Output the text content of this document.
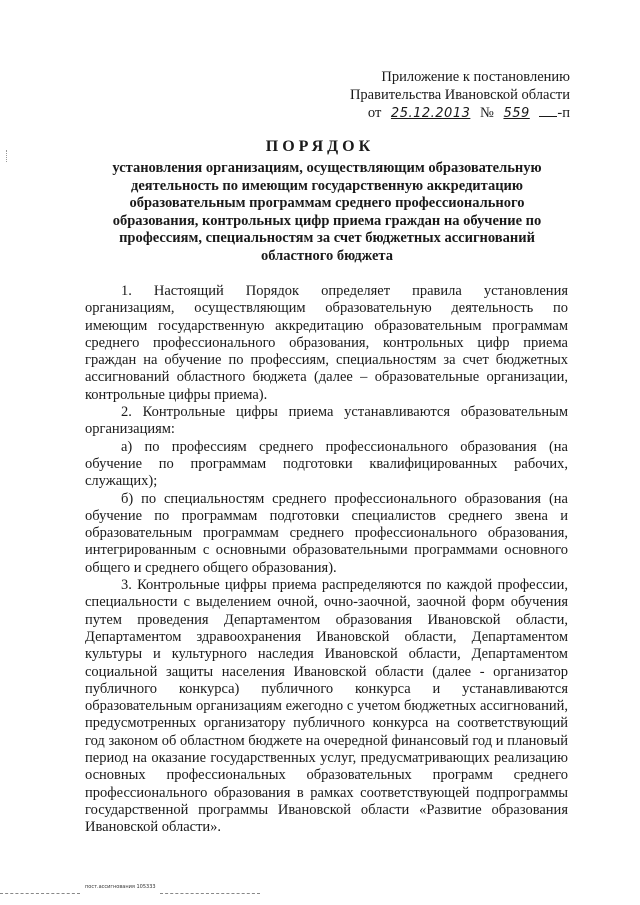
Приложение к постановлению
Правительства Ивановской области
от 25.12.2013 № 559 -п
ПОРЯДОК
установления организациям, осуществляющим образовательную деятельность по имеющим государственную аккредитацию образовательным программам среднего профессионального образования, контрольных цифр приема граждан на обучение по профессиям, специальностям за счет бюджетных ассигнований областного бюджета

1. Настоящий Порядок определяет правила установления организациям, осуществляющим образовательную деятельность по имеющим государственную аккредитацию образовательным программам среднего профессионального образования, контрольных цифр приема граждан на обучение по профессиям, специальностям за счет бюджетных ассигнований областного бюджета (далее – образовательные организации, контрольные цифры приема).

2. Контрольные цифры приема устанавливаются образовательным организациям:

а) по профессиям среднего профессионального образования (на обучение по программам подготовки квалифицированных рабочих, служащих);

б) по специальностям среднего профессионального образования (на обучение по программам подготовки специалистов среднего звена и образовательным программам среднего профессионального образования, интегрированным с основными образовательными программами основного общего и среднего общего образования).

3. Контрольные цифры приема распределяются по каждой профессии, специальности с выделением очной, очно-заочной, заочной форм обучения путем проведения Департаментом образования Ивановской области, Департаментом здравоохранения Ивановской области, Департаментом культуры и культурного наследия Ивановской области, Департаментом социальной защиты населения Ивановской области (далее - организатор публичного конкурса) публичного конкурса и устанавливаются образовательным организациям ежегодно с учетом бюджетных ассигнований, предусмотренных организатору публичного конкурса на соответствующий год законом об областном бюджете на очередной финансовый год и плановый период на оказание государственных услуг, предусматривающих реализацию основных профессиональных образовательных программ среднего профессионального образования в рамках соответствующей подпрограммы государственной программы Ивановской области «Развитие образования Ивановской области».

пост.ассигнования 105333
